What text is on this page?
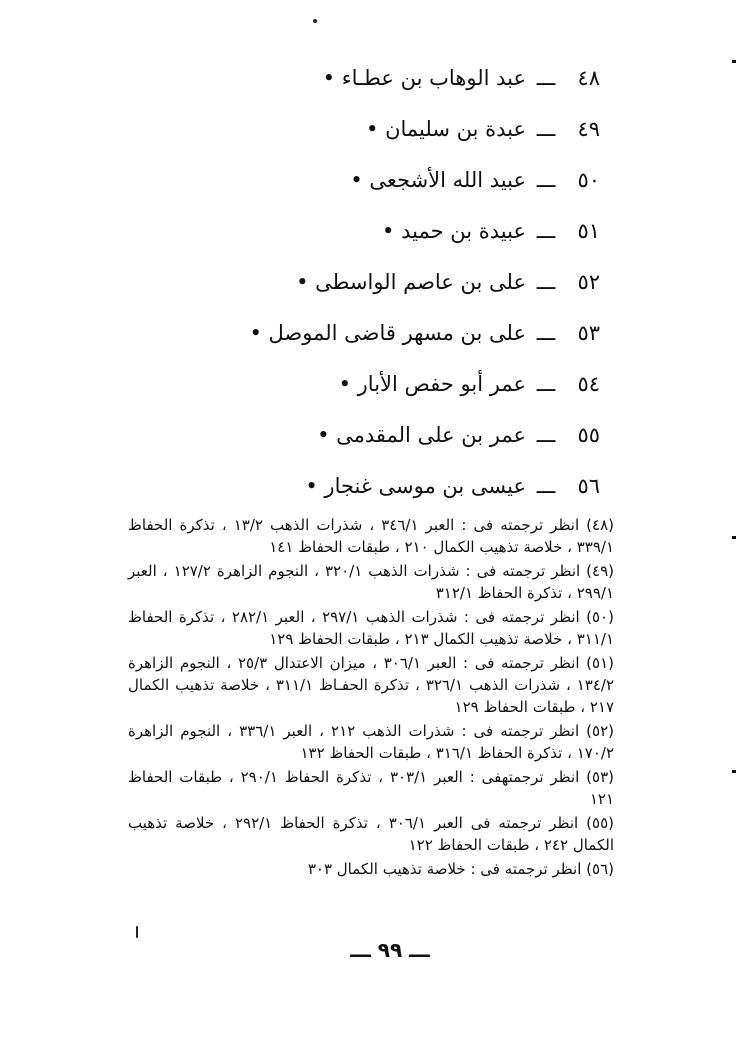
٤٨
ـــ
عبد الوهاب بن عطـاء •
٤٩
ـــ
عبدة بن سليمان •
٥٠
ـــ
عبيد الله الأشجعى •
٥١
ـــ
عبيدة بن حميد •
٥٢
ـــ
على بن عاصم الواسطى •
٥٣
ـــ
على بن مسهر قاضى الموصل •
٥٤
ـــ
عمر أبو حفص الأبار •
٥٥
ـــ
عمر بن على المقدمى •
٥٦
ـــ
عيسى بن موسى غنجار •
(٤٨) انظر ترجمته فى : العبر ٣٤٦/١ ، شذرات الذهب ١٣/٢ ، تذكرة الحفاظ ٣٣٩/١ ، خلاصة تذهيب الكمال ٢١٠ ، طبقات الحفاظ ١٤١
(٤٩) انظر ترجمته فى : شذرات الذهب ٣٢٠/١ ، النجوم الزاهرة ١٢٧/٢ ، العبر ٢٩٩/١ ، تذكرة الحفاظ ٣١٢/١
(٥٠) انظر ترجمته فى : شذرات الذهب ٢٩٧/١ ، العبر ٢٨٢/١ ، تذكرة الحفاظ ٣١١/١ ، خلاصة تذهيب الكمال ٢١٣ ، طبقات الحفاظ ١٢٩
(٥١) انظر ترجمته فى : العبر ٣٠٦/١ ، ميزان الاعتدال ٢٥/٣ ، النجوم الزاهرة ١٣٤/٢ ، شذرات الذهب ٣٢٦/١ ، تذكرة الحفـاظ ٣١١/١ ، خلاصة تذهيب الكمال ٢١٧ ، طبقات الحفاظ ١٢٩
(٥٢) انظر ترجمته فى : شذرات الذهب ٢١٢ ، العبر ٣٣٦/١ ، النجوم الزاهرة ١٧٠/٢ ، تذكرة الحفاظ ٣١٦/١ ، طبقات الحفاظ ١٣٢
(٥٣) انظر ترجمتهفى : العبر ٣٠٣/١ ، تذكرة الحفاظ ٢٩٠/١ ، طبقات الحفاظ ١٢١
(٥٥) انظر ترجمته فى العبر ٣٠٦/١ ، تذكرة الحفاظ ٢٩٢/١ ، خلاصة تذهيب الكمال ٢٤٢ ، طبقات الحفاظ ١٢٢
(٥٦) انظر ترجمته فى : خلاصة تذهيب الكمال ٣٠٣
ـــ ٩٩ ـــ
